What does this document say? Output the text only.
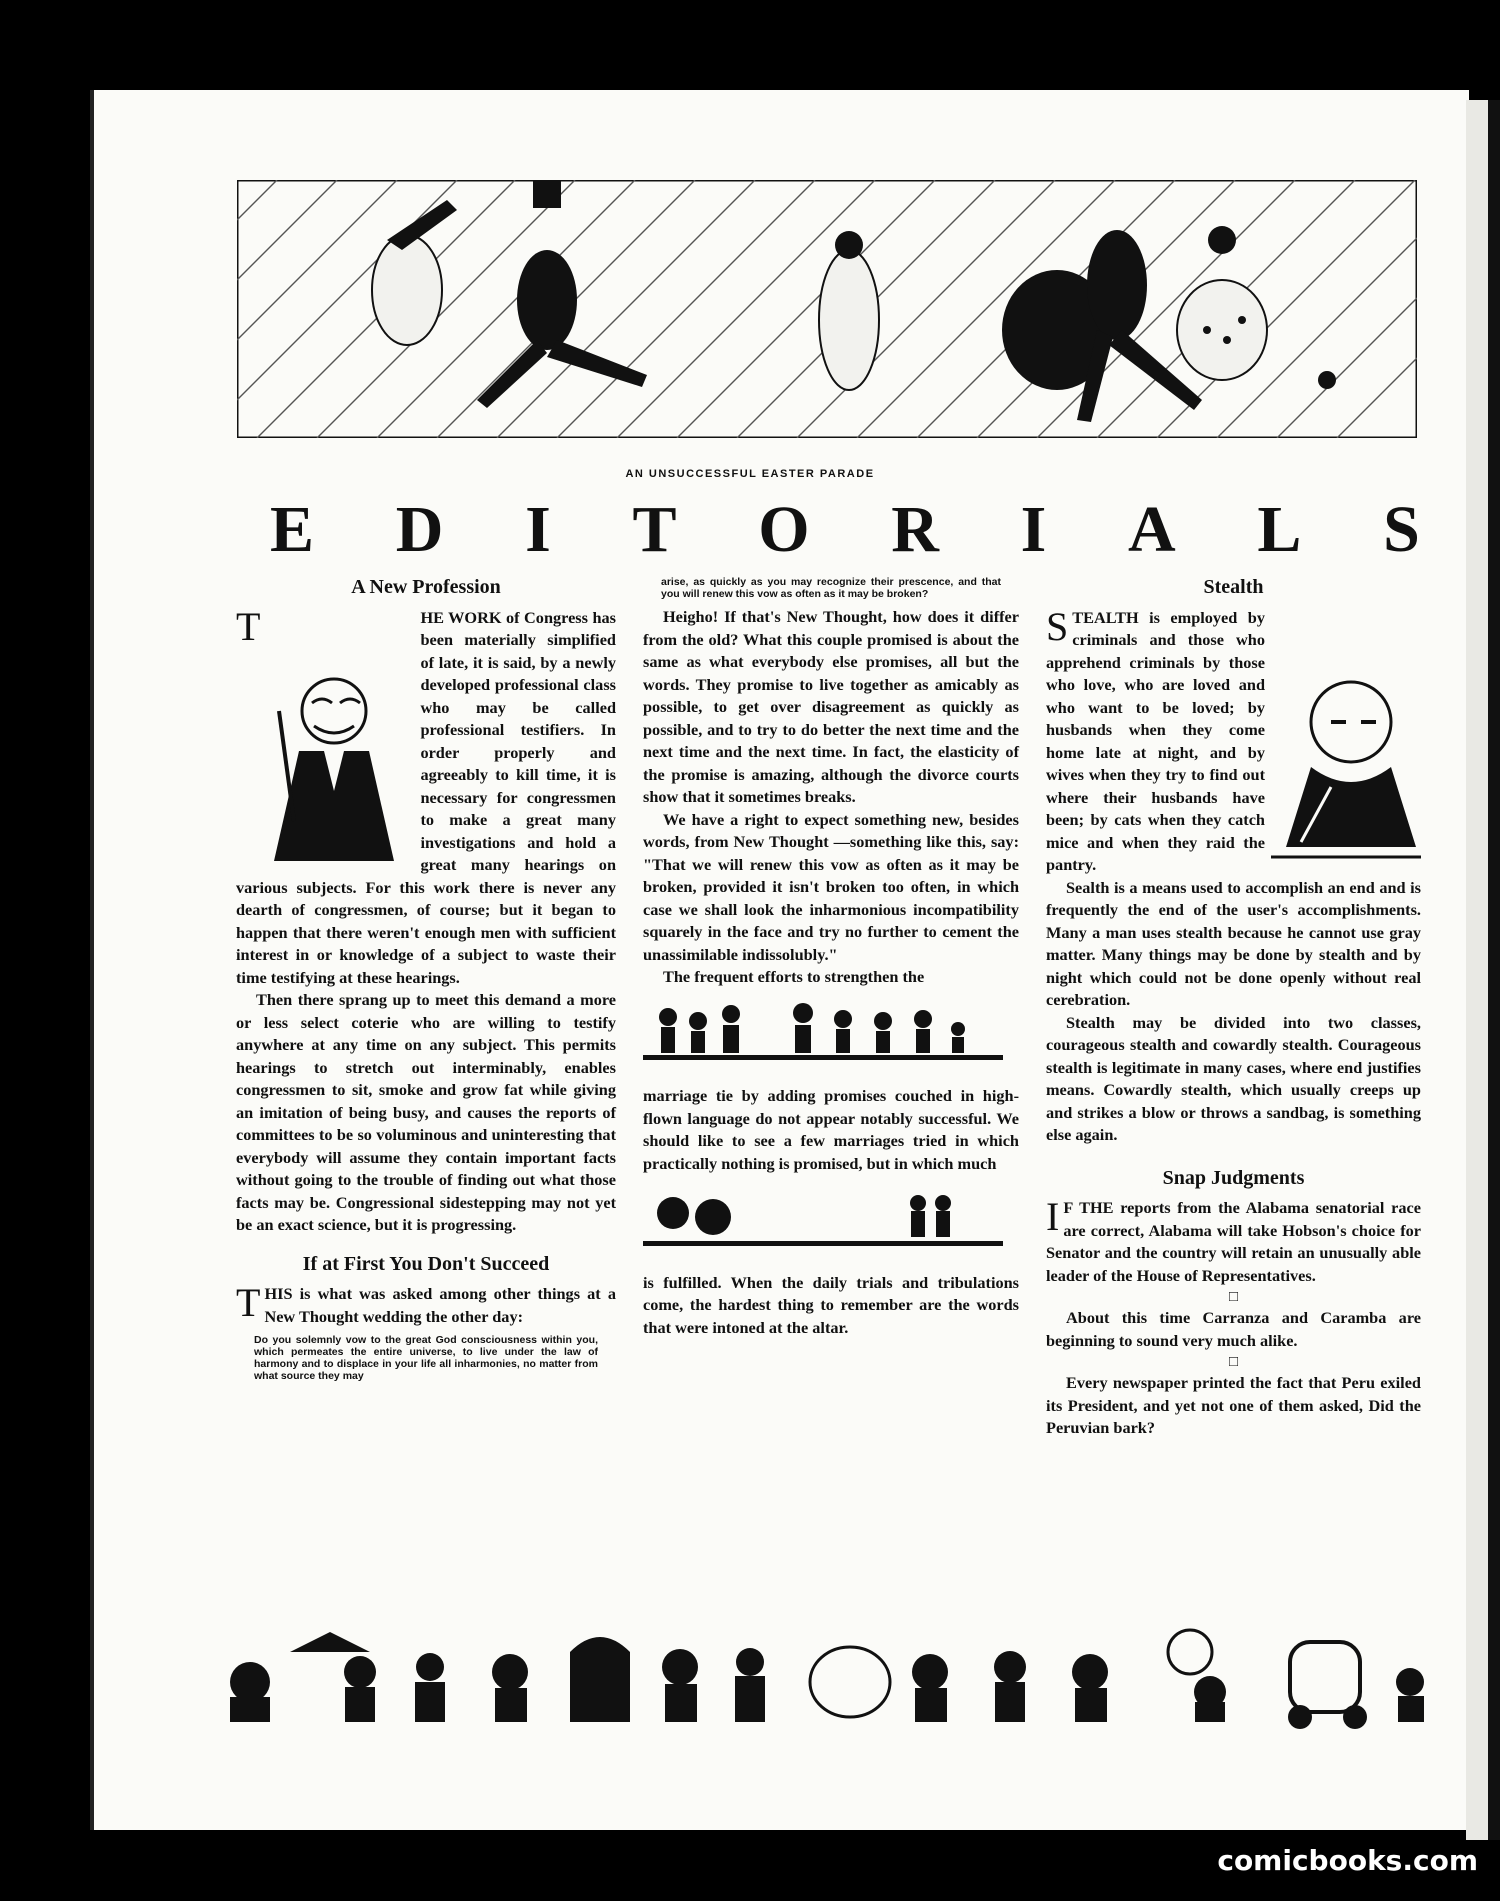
AN UNSUCCESSFUL EASTER PARADE
E D I T O R I A L S
A New Profession

T	HE WORK of Congress has been materially simplified of late, it is said, by a newly developed professional class who may be called professional testifiers. In order properly and agreeably to kill time, it is necessary for congressmen to make a great many investigations and hold a great many hearings on various subjects. For this work there is never any dearth of congressmen, of course; but it began to happen that there weren't enough men with sufficient interest in or knowledge of a subject to waste their time testifying at these hearings.

Then there sprang up to meet this demand a more or less select coterie who are willing to testify anywhere at any time on any subject. This permits hearings to stretch out interminably, enables congressmen to sit, smoke and grow fat while giving an imitation of being busy, and causes the reports of committees to be so voluminous and uninteresting that everybody will assume they contain important facts without going to the trouble of finding out what those facts may be. Congressional sidestepping may not yet be an exact science, but it is progressing.

If at First You Don't Succeed

T HIS is what was asked among other things at a New Thought wedding the other day:

Do you solemnly vow to the great God consciousness within you, which permeates the entire universe, to live under the law of harmony and to displace in your life all inharmonies, no matter from what source they may
arise, as quickly as you may recognize their prescence, and that you will renew this vow as often as it may be broken?

Heigho! If that's New Thought, how does it differ from the old? What this couple promised is about the same as what everybody else promises, all but the words. They promise to live together as amicably as possible, to get over disagreement as quickly as possible, and to try to do better the next time and the next time and the next time. In fact, the elasticity of the promise is amazing, although the divorce courts show that it sometimes breaks.

We have a right to expect something new, besides words, from New Thought —something like this, say: "That we will renew this vow as often as it may be broken, provided it isn't broken too often, in which case we shall look the inharmonious incompatibility squarely in the face and try no further to cement the unassimilable indissolubly."

The frequent efforts to strengthen the

marriage tie by adding promises couched in high-flown language do not appear notably successful. We should like to see a few marriages tried in which practically nothing is promised, but in which much

is fulfilled. When the daily trials and tribulations come, the hardest thing to remember are the words that were intoned at the altar.

Stealth

S TEALTH is employed by criminals and those who apprehend criminals by those who love, who are loved and who want to be loved; by husbands when they come home late at night, and by wives when they try to find out where their husbands have been; by cats when they catch mice and when they raid the pantry.

Sealth is a means used to accomplish an end and is frequently the end of the user's accomplishments. Many a man uses stealth because he cannot use gray matter. Many things may be done by stealth and by night which could not be done openly without real cerebration.

Stealth may be divided into two classes, courageous stealth and cowardly stealth. Courageous stealth is legitimate in many cases, where end justifies means. Cowardly stealth, which usually creeps up and strikes a blow or throws a sandbag, is something else again.

Snap Judgments

I F THE reports from the Alabama senatorial race are correct, Alabama will take Hobson's choice for Senator and the country will retain an unusually able leader of the House of Representatives.

□

About this time Carranza and Caramba are beginning to sound very much alike.

□

Every newspaper printed the fact that Peru exiled its President, and yet not one of them asked, Did the Peruvian bark?

comicbooks.com
